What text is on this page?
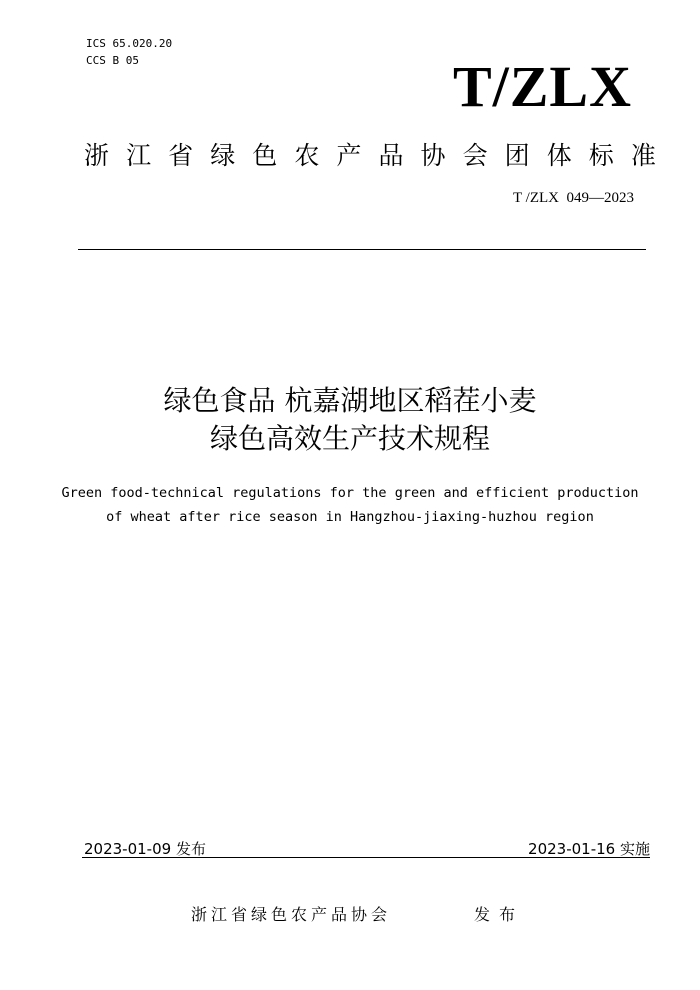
ICS 65.020.20
CCS B 05	T/ZLX
浙 江 省 绿 色 农 产 品 协 会 团 体 标 准
T /ZLX  049—2023
绿色食品 杭嘉湖地区稻茬小麦
绿色高效生产技术规程
Green food-technical regulations for the green and efficient production
of wheat after rice season in Hangzhou-jiaxing-huzhou region
2023-01-09 发布	2023-01-16 实施
浙江省绿色农产品协会	发布
